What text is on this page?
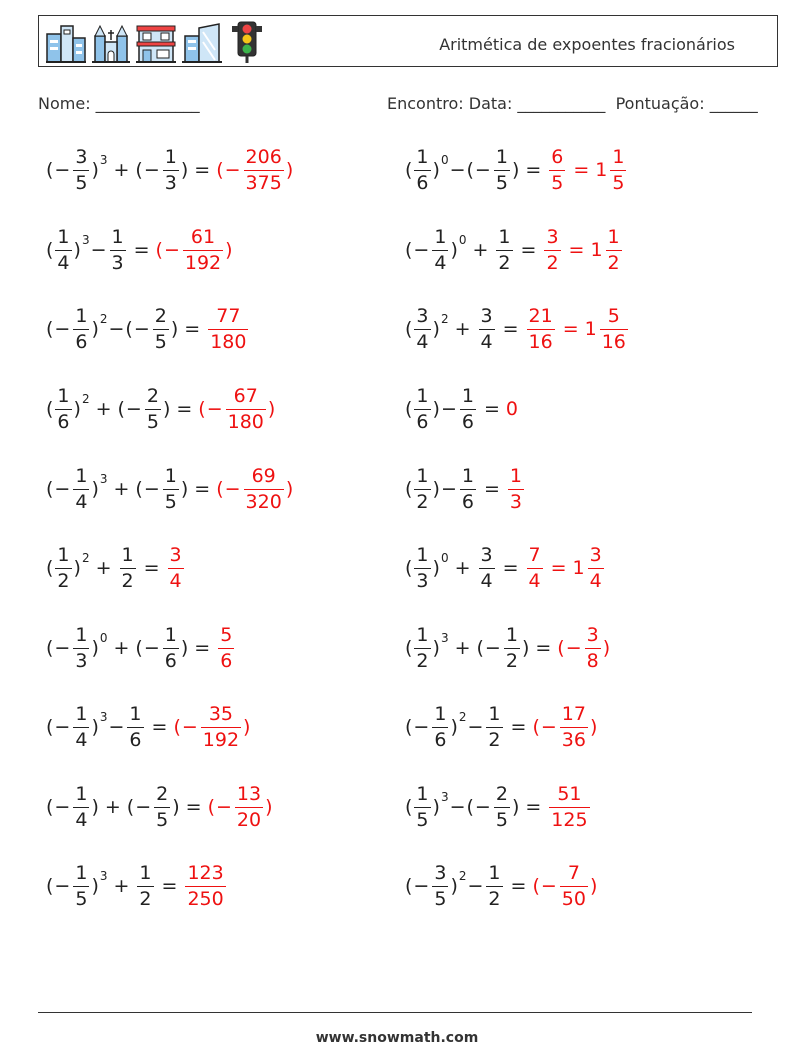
Aritmética de expoentes fracionários
Nome: _____________	Encontro: Data: ___________  Pontuação: ______
( − $\frac{3}{5}$ ) 3 + ( − $\frac{1}{3}$ ) = ( − $\frac{206}{375}$ )
( $\frac{1}{4}$ ) $3 - \frac{1}{3}$ = ( − $\frac{61}{192}$ )
( − $\frac{1}{6}$ ) 2 − ( − $\frac{2}{5}$ ) = $\frac{77}{180}$
( $\frac{1}{6}$ ) 2 + ( − $\frac{2}{5}$ ) = ( − $\frac{67}{180}$ )
( − $\frac{1}{4}$ ) 3 + ( − $\frac{1}{5}$ ) = ( − $\frac{69}{320}$ )
( $\frac{1}{2}$ ) $2 + \frac{1}{2} = \frac{3}{4}$
( − $\frac{1}{3}$ ) 0 + ( − $\frac{1}{6}$ ) = $\frac{5}{6}$
( − $\frac{1}{4}$ ) $3 - \frac{1}{6}$ = ( − $\frac{35}{192}$ )
( − $\frac{1}{4}$ ) + ( − $\frac{2}{5}$ ) = ( − $\frac{13}{20}$ )
( − $\frac{1}{5}$ ) $3 + \frac{1}{2} = \frac{123}{250}$
( $\frac{1}{6}$ ) 0 − ( − $\frac{1}{5}$ ) = $\frac{6}{5} = 1 \frac{1}{5}$
( − $\frac{1}{4}$ ) $0 + \frac{1}{2} = \frac{3}{2} = 1 \frac{1}{2}$
( $\frac{3}{4}$ ) $2 + \frac{3}{4} = \frac{21}{16} = 1 \frac{5}{16}$
( $\frac{1}{6}$ ) − $\frac{1}{6} = 0$
( $\frac{1}{2}$ ) − $\frac{1}{6} = \frac{1}{3}$
( $\frac{1}{3}$ ) $0 + \frac{3}{4} = \frac{7}{4} = 1 \frac{3}{4}$
( $\frac{1}{2}$ ) 3 + ( − $\frac{1}{2}$ ) = ( − $\frac{3}{8}$ )
( − $\frac{1}{6}$ ) $2 - \frac{1}{2}$ = ( − $\frac{17}{36}$ )
( $\frac{1}{5}$ ) 3 − ( − $\frac{2}{5}$ ) = $\frac{51}{125}$
( − $\frac{3}{5}$ ) $2 - \frac{1}{2}$ = ( − $\frac{7}{50}$ )
www.snowmath.com
